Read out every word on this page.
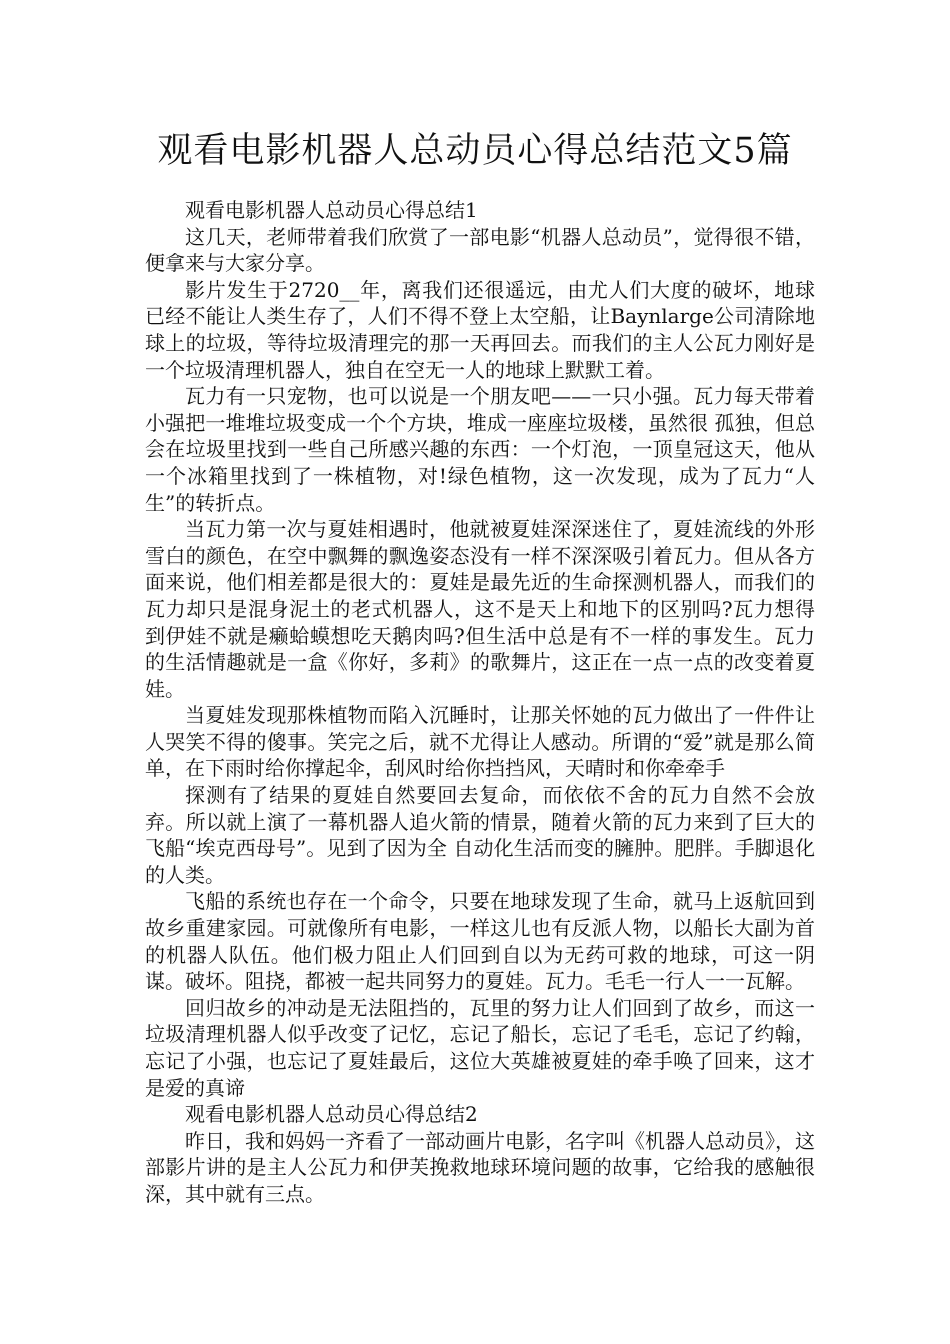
观看电影机器人总动员心得总结范文5篇

观看电影机器人总动员心得总结1

这几天，老师带着我们欣赏了一部电影“机器人总动员”，觉得很不错，便拿来与大家分享。

影片发生于2720__年，离我们还很遥远，由尤人们大度的破坏，地球已经不能让人类生存了，人们不得不登上太空船，让Baynlarge公司清除地球上的垃圾，等待垃圾清理完的那一天再回去。而我们的主人公瓦力刚好是一个垃圾清理机器人，独自在空无一人的地球上默默工着。

瓦力有一只宠物，也可以说是一个朋友吧——一只小强。瓦力每天带着小强把一堆堆垃圾变成一个个方块，堆成一座座垃圾楼，虽然很 孤独，但总会在垃圾里找到一些自己所感兴趣的东西：一个灯泡，一顶皇冠这天，他从一个冰箱里找到了一株植物，对!绿色植物，这一次发现，成为了瓦力“人生”的转折点。

当瓦力第一次与夏娃相遇时，他就被夏娃深深迷住了，夏娃流线的外形雪白的颜色，在空中飘舞的飘逸姿态没有一样不深深吸引着瓦力。但从各方面来说，他们相差都是很大的：夏娃是最先近的生命探测机器人，而我们的瓦力却只是混身泥土的老式机器人，这不是天上和地下的区别吗?瓦力想得到伊娃不就是癞蛤蟆想吃天鹅肉吗?但生活中总是有不一样的事发生。瓦力的生活情趣就是一盒《你好，多莉》的歌舞片，这正在一点一点的改变着夏娃。

当夏娃发现那株植物而陷入沉睡时，让那关怀她的瓦力做出了一件件让人哭笑不得的傻事。笑完之后，就不尤得让人感动。所谓的“爱”就是那么简单，在下雨时给你撑起伞，刮风时给你挡挡风，天晴时和你牵牵手

探测有了结果的夏娃自然要回去复命，而依依不舍的瓦力自然不会放弃。所以就上演了一幕机器人追火箭的情景，随着火箭的瓦力来到了巨大的飞船“埃克西母号”。见到了因为全 自动化生活而变的臃肿。肥胖。手脚退化的人类。

飞船的系统也存在一个命令，只要在地球发现了生命，就马上返航回到故乡重建家园。可就像所有电影，一样这儿也有反派人物，以船长大副为首的机器人队伍。他们极力阻止人们回到自以为无药可救的地球，可这一阴谋。破坏。阻挠，都被一起共同努力的夏娃。瓦力。毛毛一行人一一瓦解。

回归故乡的冲动是无法阻挡的，瓦里的努力让人们回到了故乡，而这一垃圾清理机器人似乎改变了记忆，忘记了船长，忘记了毛毛，忘记了约翰，忘记了小强，也忘记了夏娃最后，这位大英雄被夏娃的牵手唤了回来，这才是爱的真谛

观看电影机器人总动员心得总结2

昨日，我和妈妈一齐看了一部动画片电影，名字叫《机器人总动员》，这部影片讲的是主人公瓦力和伊芙挽救地球环境问题的故事，它给我的感触很深，其中就有三点。
